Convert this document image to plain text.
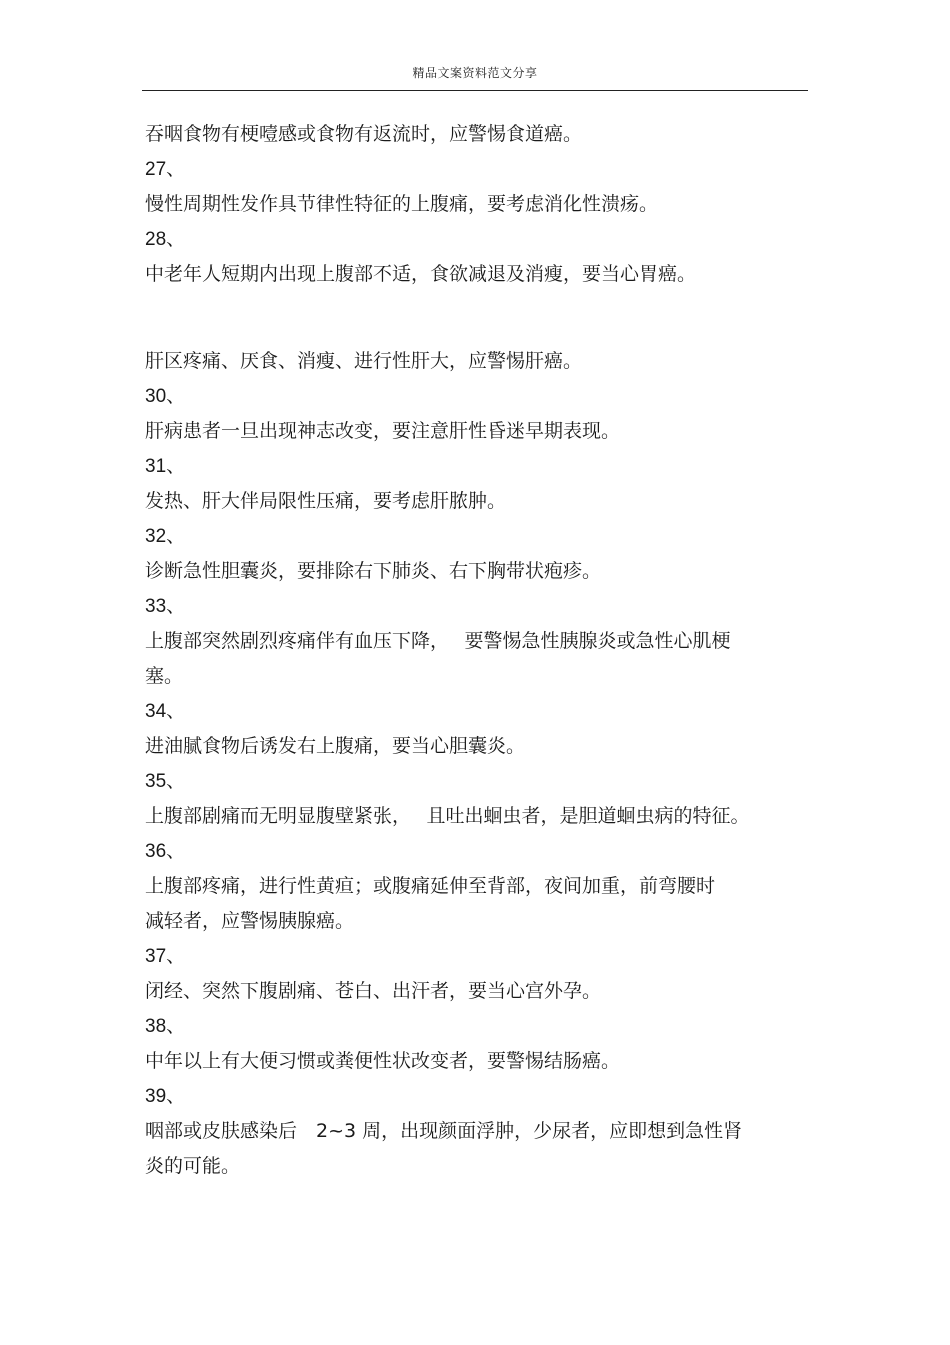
精品文案资料范文分享
吞咽食物有梗噎感或食物有返流时，应警惕食道癌。
27、
慢性周期性发作具节律性特征的上腹痛，要考虑消化性溃疡。
28、
中老年人短期内出现上腹部不适，食欲减退及消瘦，要当心胃癌。
肝区疼痛、厌食、消瘦、进行性肝大，应警惕肝癌。
30、
肝病患者一旦出现神志改变，要注意肝性昏迷早期表现。
31、
发热、肝大伴局限性压痛，要考虑肝脓肿。
32、
诊断急性胆囊炎，要排除右下肺炎、右下胸带状疱疹。
33、
上腹部突然剧烈疼痛伴有血压下降，　 要警惕急性胰腺炎或急性心肌梗
塞。
34、
进油腻食物后诱发右上腹痛，要当心胆囊炎。
35、
上腹部剧痛而无明显腹壁紧张，　 且吐出蛔虫者，是胆道蛔虫病的特征。
36、
上腹部疼痛，进行性黄疸；或腹痛延伸至背部，夜间加重，前弯腰时
减轻者，应警惕胰腺癌。
37、
闭经、突然下腹剧痛、苍白、出汗者，要当心宫外孕。
38、
中年以上有大便习惯或粪便性状改变者，要警惕结肠癌。
39、
咽部或皮肤感染后　2~3 周，出现颜面浮肿，少尿者，应即想到急性肾
炎的可能。
